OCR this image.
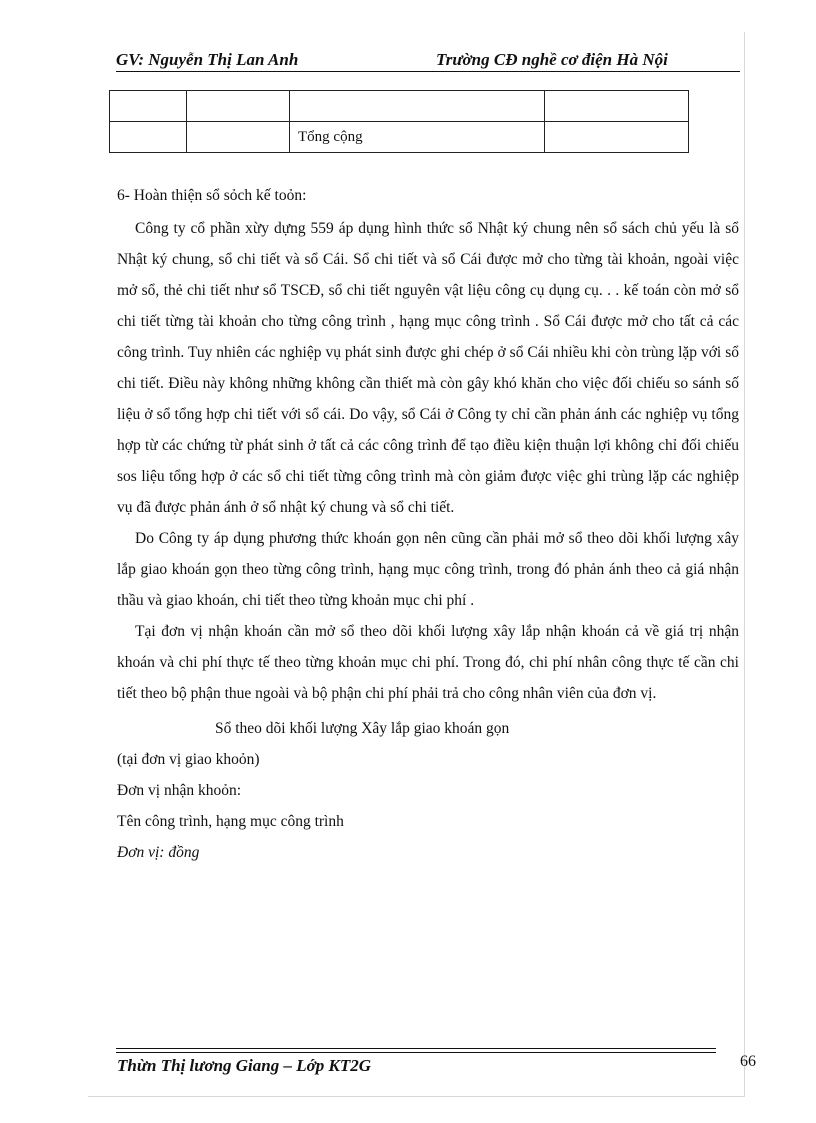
GV: Nguyễn Thị Lan Anh	Trường CĐ nghề cơ điện Hà Nội

		Tổng cộng	

6- Hoàn thiện sổ sỏch kế toỏn:

Công ty cổ phần xừy dựng 559 áp dụng hình thức sổ Nhật ký chung nên sổ sách chủ yếu là sổ Nhật ký chung, sổ chi tiết và sổ Cái. Sổ chi tiết và sổ Cái được mở cho từng tài khoản, ngoài việc mở sổ, thẻ chi tiết như sổ TSCĐ, sổ chi tiết nguyên vật liệu công cụ dụng cụ. . . kế toán còn mở sổ chi tiết từng tài khoản cho từng công trình , hạng mục công trình . Sổ Cái được mở cho tất cả các công trình. Tuy nhiên các nghiệp vụ phát sinh được ghi chép ở sổ Cái nhiều khi còn trùng lặp với sổ chi tiết. Điều này không những không cần thiết mà còn gây khó khăn cho việc đối chiếu so sánh số liệu ở sổ tổng hợp chi tiết với sổ cái. Do vậy, sổ Cái ở Công ty chỉ cần phản ánh các nghiệp vụ tổng hợp từ các chứng từ phát sinh ở tất cả các công trình để tạo điều kiện thuận lợi không chỉ đối chiếu sos liệu tổng hợp ở các sổ chi tiết từng công trình mà còn giảm được việc ghi trùng lặp các nghiệp vụ đã được phản ánh ở sổ nhật ký chung và sổ chi tiết.

Do Công ty áp dụng phương thức khoán gọn nên cũng cần phải mở sổ theo dõi khối lượng xây lắp giao khoán gọn theo từng công trình, hạng mục công trình, trong đó phản ánh theo cả giá nhận thầu và giao khoán, chi tiết theo từng khoản mục chi phí .

Tại đơn vị nhận khoán cần mở sổ theo dõi khối lượng xây lắp nhận khoán cả về giá trị nhận khoán và chi phí thực tế theo từng khoản mục chi phí. Trong đó, chi phí nhân công thực tế cần chi tiết theo bộ phận thue ngoài và bộ phận chi phí phải trả cho công nhân viên của đơn vị.

Sổ theo dõi khối lượng Xây lắp giao khoán gọn

(tại đơn vị giao khoỏn)

Đơn vị nhận khoỏn:

Tên công trình, hạng mục công trình

Đơn vị: đồng

Thừn Thị lương Giang – Lớp KT2G	66
